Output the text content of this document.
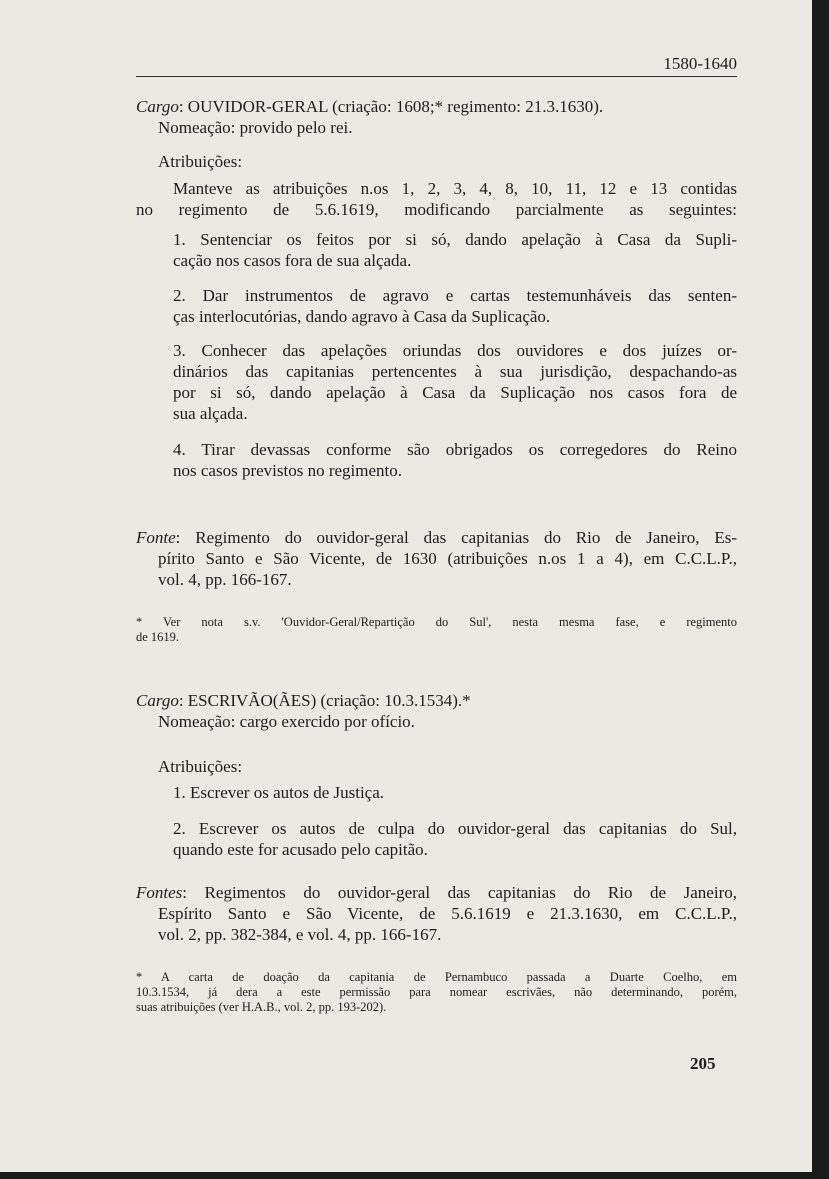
1580-1640
Cargo: OUVIDOR-GERAL (criação: 1608;* regimento: 21.3.1630).
Nomeação: provido pelo rei.
Atribuições:
Manteve as atribuições n.os 1, 2, 3, 4, 8, 10, 11, 12 e 13 contidas
no regimento de 5.6.1619, modificando parcialmente as seguintes:
1. Sentenciar os feitos por si só, dando apelação à Casa da Supli-
cação nos casos fora de sua alçada.
2. Dar instrumentos de agravo e cartas testemunháveis das senten-
ças interlocutórias, dando agravo à Casa da Suplicação.
3. Conhecer das apelações oriundas dos ouvidores e dos juízes or-
dinários das capitanias pertencentes à sua jurisdição, despachando-as
por si só, dando apelação à Casa da Suplicação nos casos fora de
sua alçada.
4. Tirar devassas conforme são obrigados os corregedores do Reino
nos casos previstos no regimento.
Fonte: Regimento do ouvidor-geral das capitanias do Rio de Janeiro, Es-
pírito Santo e São Vicente, de 1630 (atribuições n.os 1 a 4), em C.C.L.P.,
vol. 4, pp. 166-167.
* Ver nota s.v. 'Ouvidor-Geral/Repartição do Sul', nesta mesma fase, e regimento
de 1619.
Cargo: ESCRIVÃO(ÃES) (criação: 10.3.1534).*
Nomeação: cargo exercido por ofício.
Atribuições:
1. Escrever os autos de Justiça.
2. Escrever os autos de culpa do ouvidor-geral das capitanias do Sul,
quando este for acusado pelo capitão.
Fontes: Regimentos do ouvidor-geral das capitanias do Rio de Janeiro,
Espírito Santo e São Vicente, de 5.6.1619 e 21.3.1630, em C.C.L.P.,
vol. 2, pp. 382-384, e vol. 4, pp. 166-167.
* A carta de doação da capitania de Pernambuco passada a Duarte Coelho, em
10.3.1534, já dera a este permissão para nomear escrivães, não determinando, porém,
suas atribuições (ver H.A.B., vol. 2, pp. 193-202).
205
